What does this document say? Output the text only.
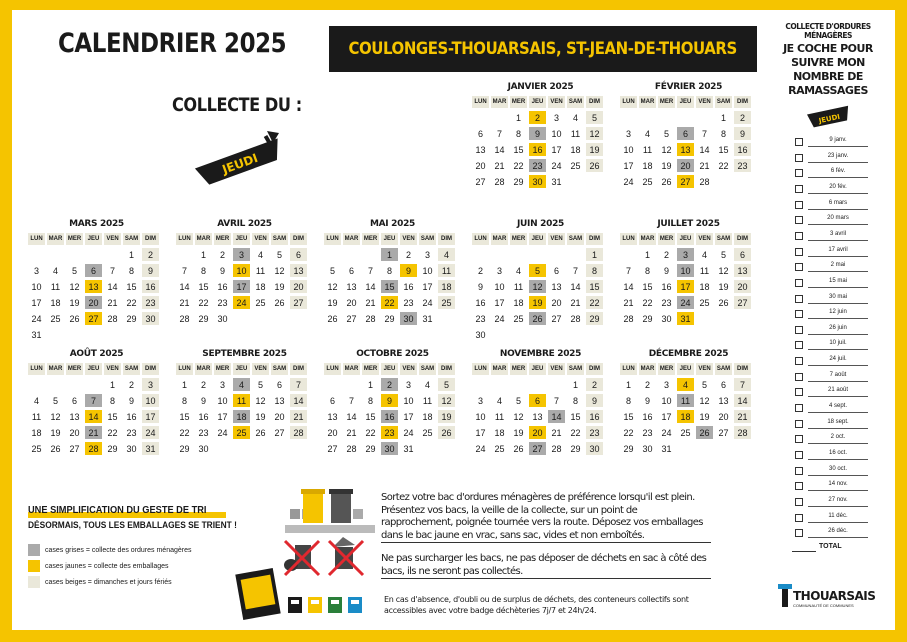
CALENDRIER 2025	COULONGES-THOUARSAIS, ST-JEAN-DE-THOUARS
COLLECTE DU :
JEUDI
JANVIER 2025
LUN	MAR	MER	JEU	VEN	SAM	DIM
		1	2	3	4	5
6	7	8	9	10	11	12
13	14	15	16	17	18	19
20	21	22	23	24	25	26
27	28	29	30	31		
FÉVRIER 2025
LUN	MAR	MER	JEU	VEN	SAM	DIM
					1	2
3	4	5	6	7	8	9
10	11	12	13	14	15	16
17	18	19	20	21	22	23
24	25	26	27	28		
MARS 2025
LUN	MAR	MER	JEU	VEN	SAM	DIM
					1	2
3	4	5	6	7	8	9
10	11	12	13	14	15	16
17	18	19	20	21	22	23
24	25	26	27	28	29	30
31						
AVRIL 2025
LUN	MAR	MER	JEU	VEN	SAM	DIM
	1	2	3	4	5	6
7	8	9	10	11	12	13
14	15	16	17	18	19	20
21	22	23	24	25	26	27
28	29	30				
MAI 2025
LUN	MAR	MER	JEU	VEN	SAM	DIM
			1	2	3	4
5	6	7	8	9	10	11
12	13	14	15	16	17	18
19	20	21	22	23	24	25
26	27	28	29	30	31	
JUIN 2025
LUN	MAR	MER	JEU	VEN	SAM	DIM
						1
2	3	4	5	6	7	8
9	10	11	12	13	14	15
16	17	18	19	20	21	22
23	24	25	26	27	28	29
30						
JUILLET 2025
LUN	MAR	MER	JEU	VEN	SAM	DIM
	1	2	3	4	5	6
7	8	9	10	11	12	13
14	15	16	17	18	19	20
21	22	23	24	25	26	27
28	29	30	31			
AOÛT 2025
LUN	MAR	MER	JEU	VEN	SAM	DIM
				1	2	3
4	5	6	7	8	9	10
11	12	13	14	15	16	17
18	19	20	21	22	23	24
25	26	27	28	29	30	31
SEPTEMBRE 2025
LUN	MAR	MER	JEU	VEN	SAM	DIM
1	2	3	4	5	6	7
8	9	10	11	12	13	14
15	16	17	18	19	20	21
22	23	24	25	26	27	28
29	30					
OCTOBRE 2025
LUN	MAR	MER	JEU	VEN	SAM	DIM
		1	2	3	4	5
6	7	8	9	10	11	12
13	14	15	16	17	18	19
20	21	22	23	24	25	26
27	28	29	30	31		
NOVEMBRE 2025
LUN	MAR	MER	JEU	VEN	SAM	DIM
					1	2
3	4	5	6	7	8	9
10	11	12	13	14	15	16
17	18	19	20	21	22	23
24	25	26	27	28	29	30
DÉCEMBRE 2025
LUN	MAR	MER	JEU	VEN	SAM	DIM
1	2	3	4	5	6	7
8	9	10	11	12	13	14
15	16	17	18	19	20	21
22	23	24	25	26	27	28
29	30	31				
COLLECTE D'ORDURES MÉNAGÈRES
JE COCHE POUR SUIVRE MON NOMBRE DE RAMASSAGES
JEUDI
9 janv.
23 janv.
6 fév.
20 fév.
6 mars
20 mars
3 avril
17 avril
2 mai
15 mai
30 mai
12 juin
26 juin
10 juil.
24 juil.
7 août
21 août
4 sept.
18 sept.
2 oct.
16 oct.
30 oct.
14 nov.
27 nov.
11 déc.
26 déc.
TOTAL
THOUARSAIS
COMMUNAUTÉ DE COMMUNES
UNE SIMPLIFICATION DU GESTE DE TRI
DÉSORMAIS, TOUS LES EMBALLAGES SE TRIENT !
cases grises = collecte des ordures ménagères
cases jaunes = collecte des emballages
cases beiges = dimanches et jours fériés

Sortez votre bac d'ordures ménagères de préférence lorsqu'il est plein. Présentez vos bacs, la veille de la collecte, sur un point de rapprochement, poignée tournée vers la route. Déposez vos emballages dans le bac jaune en vrac, sans sac, vides et non emboîtés.

Ne pas surcharger les bacs, ne pas déposer de déchets en sac à côté des bacs, ils ne seront pas collectés.

En cas d'absence, d'oubli ou de surplus de déchets, des conteneurs collectifs sont accessibles avec votre badge déchèteries 7j/7 et 24h/24.
